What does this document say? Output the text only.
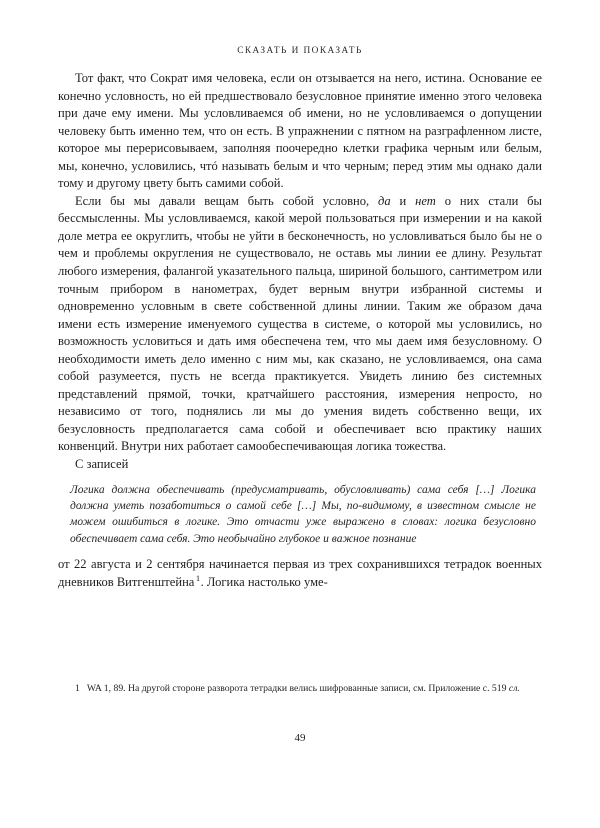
СКАЗАТЬ И ПОКАЗАТЬ

Тот факт, что Сократ имя человека, если он отзывается на него, истина. Основание ее конечно условность, но ей предшествовало безусловное принятие именно этого человека при даче ему имени. Мы условливаемся об имени, но не условливаемся о допущении человеку быть именно тем, что он есть. В упражнении с пятном на разграфленном листе, которое мы перерисовываем, заполняя поочередно клетки графика черным или белым, мы, конечно, условились, чтó называть белым и что черным; перед этим мы однако дали тому и другому цвету быть самими собой.

Если бы мы давали вещам быть собой условно, да и нет о них стали бы бессмысленны. Мы условливаемся, какой мерой пользоваться при измерении и на какой доле метра ее округлить, чтобы не уйти в бесконечность, но условливаться было бы не о чем и проблемы округления не существовало, не оставь мы линии ее длину. Результат любого измерения, фалангой указательного пальца, шириной большого, сантиметром или точным прибором в нанометрах, будет верным внутри избранной системы и одновременно условным в свете собственной длины линии. Таким же образом дача имени есть измерение именуемого существа в системе, о которой мы условились, но возможность условиться и дать имя обеспечена тем, что мы даем имя безусловному. О необходимости иметь дело именно с ним мы, как сказано, не условливаемся, она сама собой разумеется, пусть не всегда практикуется. Увидеть линию без системных представлений прямой, точки, кратчайшего расстояния, измерения непросто, но независимо от того, поднялись ли мы до умения видеть собственно вещи, их безусловность предполагается сама собой и обеспечивает всю практику наших конвенций. Внутри них работает самообеспечивающая логика тожества.

С записей

Логика должна обеспечивать (предусматривать, обусловливать) сама себя […] Логика должна уметь позаботиться о самой себе […] Мы, по-видимому, в известном смысле не можем ошибиться в логике. Это отчасти уже выражено в словах: логика безусловно обеспечивает сама себя. Это необычайно глубокое и важное познание

от 22 августа и 2 сентября начинается первая из трех сохранившихся тетрадок военных дневников Витгенштейна $^1$. Логика настолько уме-

1 WA 1, 89. На другой стороне разворота тетрадки велись шифрованные записи, см. Приложение с. 519 сл.

49
